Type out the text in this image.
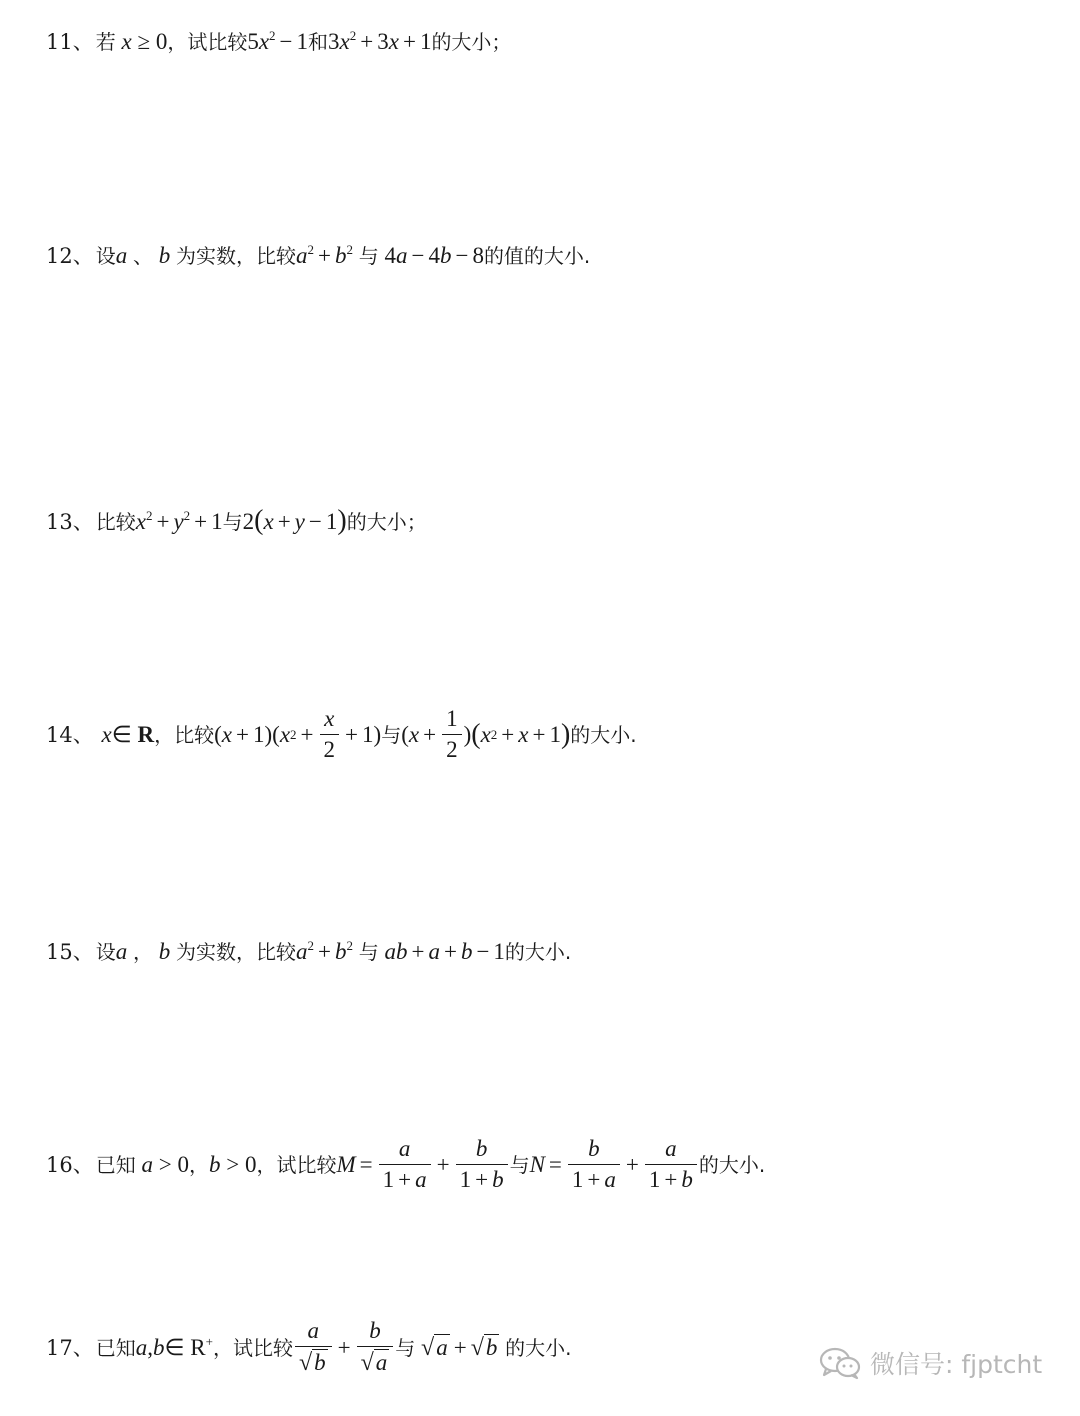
11、 若 x ≥ 0 ，试比较 $5x^2 - 1$ 和 $3x^2 + 3x + 1$ 的大小；
12、 设 a 、 b 为实数，比较 $a^2 + b^2$ 与 4a − 4b − 8 的值的大小.
13、 比较 $x^2 + y^2 + 1$ 与 2(x + y − 1) 的大小；
14、 x∈ R ，比较 ( x + 1)( x $2 + \frac{x}{2} + 1$) 与 ( $x + \frac{1}{2}$ ) ( x 2 + x + 1 ) 的大小.
15、 设 a ， b 为实数，比较 $a^2 + b^2$ 与 ab + a + b − 1 的大小.
16、 已知 a > 0 ， b > 0 ，试比较 $M = \frac{a}{1 + a} + \frac{b}{1 + b}$ 与 $N = \frac{b}{1 + a} + \frac{a}{1 + b}$ 的大小.
17、 已知 a,b∈ R+ ，试比较 $\frac{a}{√ b} + \frac{b}{√ a}$ 与
√ a + √ b
的大小.
微信号: fjptcht
